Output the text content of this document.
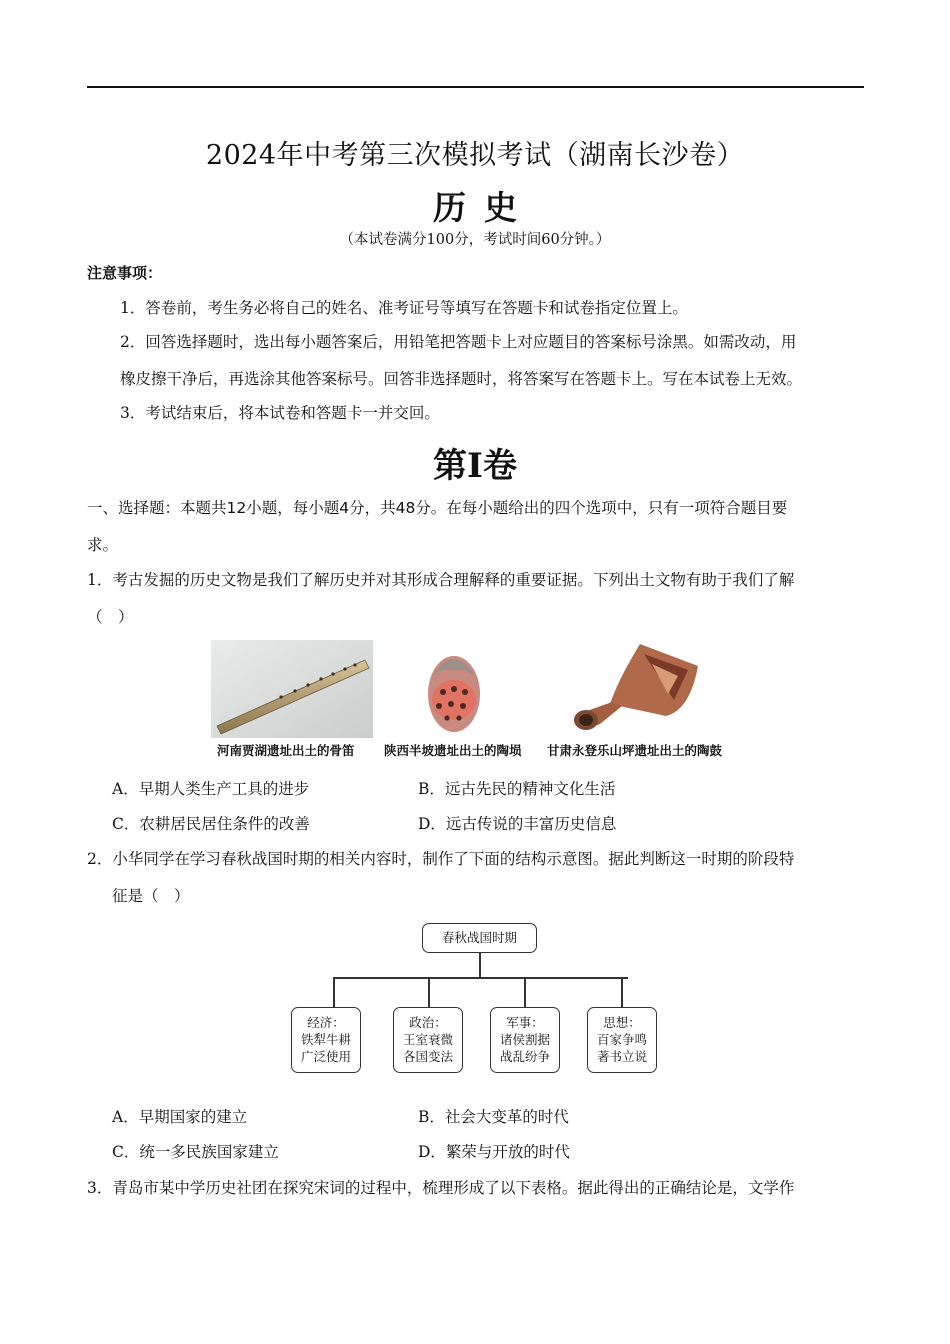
2024年中考第三次模拟考试（湖南长沙卷）
历史
（本试卷满分100分，考试时间60分钟。）
注意事项：
1．答卷前，考生务必将自己的姓名、准考证号等填写在答题卡和试卷指定位置上。
2．回答选择题时，选出每小题答案后，用铅笔把答题卡上对应题目的答案标号涂黑。如需改动，用
橡皮擦干净后，再选涂其他答案标号。回答非选择题时，将答案写在答题卡上。写在本试卷上无效。
3．考试结束后，将本试卷和答题卡一并交回。
第Ⅰ卷
一、选择题：本题共12小题，每小题4分，共48分。在每小题给出的四个选项中，只有一项符合题目要
求。
1．考古发掘的历史文物是我们了解历史并对其形成合理解释的重要证据。下列出土文物有助于我们了解
（　）
河南贾湖遗址出土的骨笛 陕西半坡遗址出土的陶埙 甘肃永登乐山坪遗址出土的陶鼓
A．早期人类生产工具的进步	B．远古先民的精神文化生活
C．农耕居民居住条件的改善	D．远古传说的丰富历史信息
2．小华同学在学习春秋战国时期的相关内容时，制作了下面的结构示意图。据此判断这一时期的阶段特
征是（　）
春秋战国时期
经济：
铁犁牛耕
广泛使用
政治：
王室衰微
各国变法
军事：
诸侯割据
战乱纷争
思想：
百家争鸣
著书立说
A．早期国家的建立	B．社会大变革的时代
C．统一多民族国家建立	D．繁荣与开放的时代
3．青岛市某中学历史社团在探究宋词的过程中，梳理形成了以下表格。据此得出的正确结论是，文学作
